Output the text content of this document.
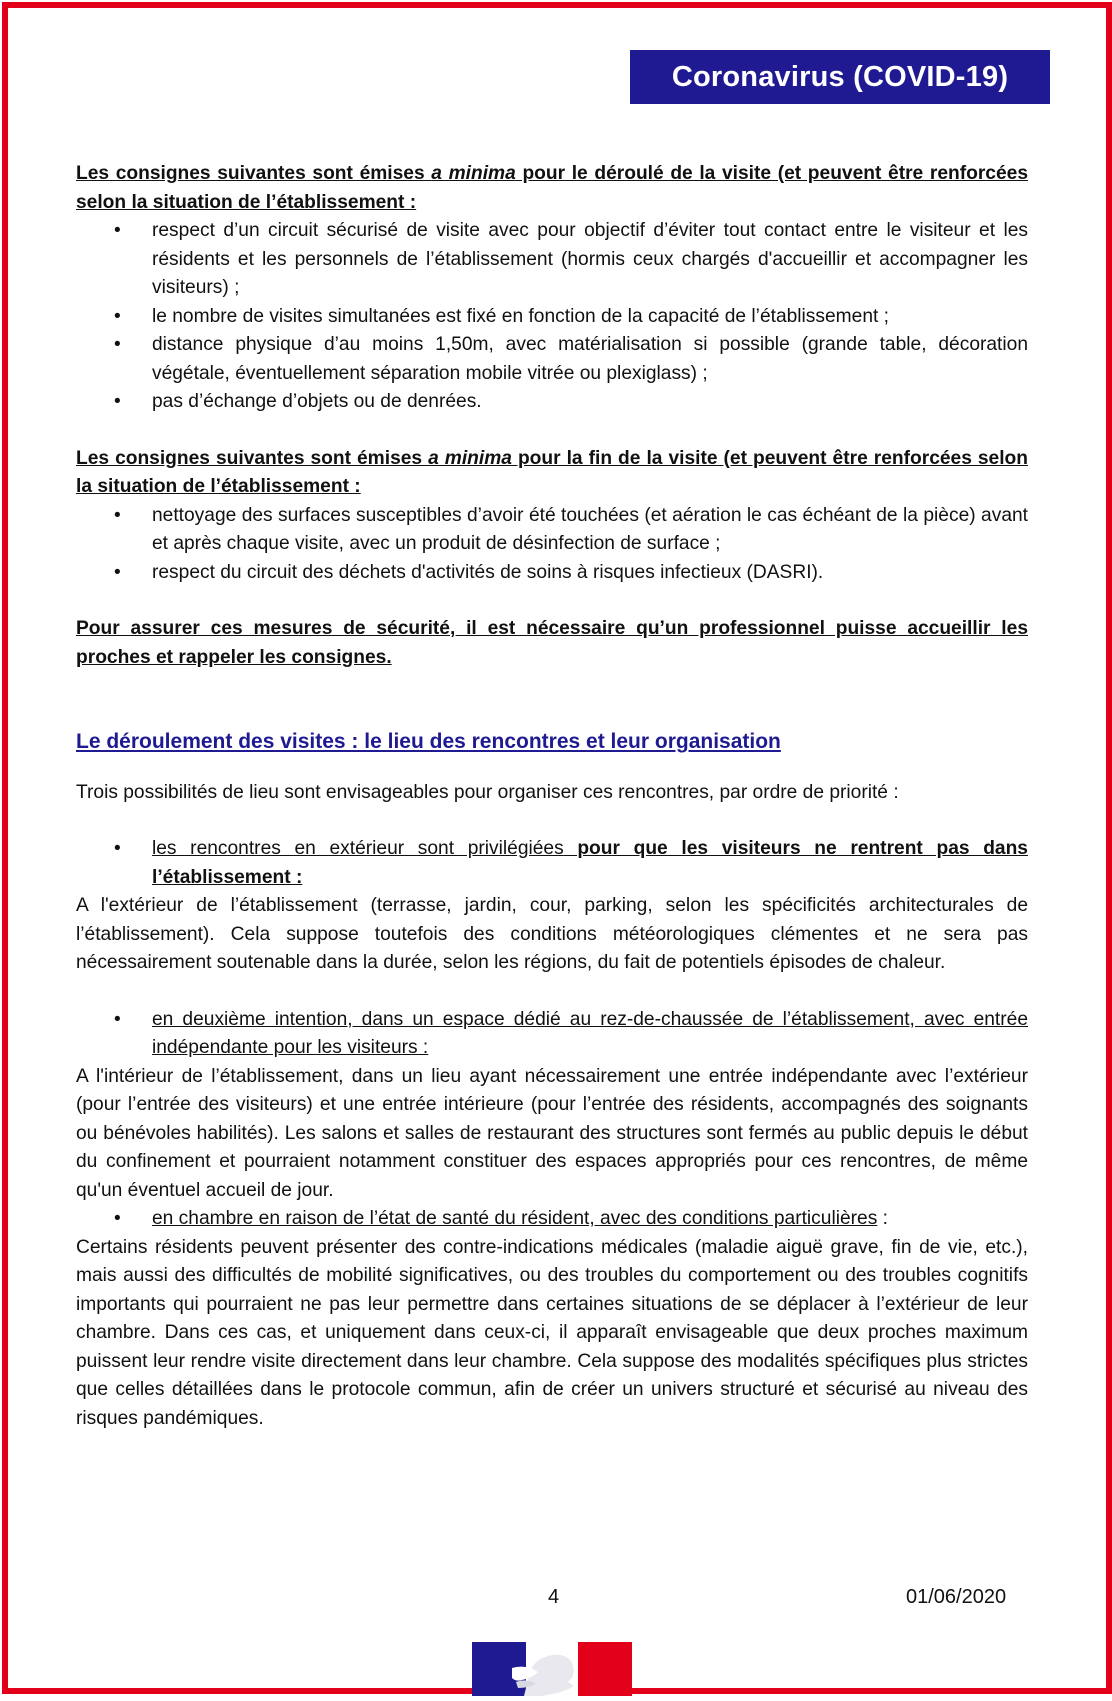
Coronavirus (COVID-19)

Les consignes suivantes sont émises a minima pour le déroulé de la visite (et peuvent être renforcées selon la situation de l’établissement :

• respect d’un circuit sécurisé de visite avec pour objectif d’éviter tout contact entre le visiteur et les résidents et les personnels de l’établissement (hormis ceux chargés d'accueillir et accompagner les visiteurs) ;
• le nombre de visites simultanées est fixé en fonction de la capacité de l’établissement ;
• distance physique d’au moins 1,50m, avec matérialisation si possible (grande table, décoration végétale, éventuellement séparation mobile vitrée ou plexiglass) ;
• pas d’échange d’objets ou de denrées.

Les consignes suivantes sont émises a minima pour la fin de la visite (et peuvent être renforcées selon la situation de l’établissement :

• nettoyage des surfaces susceptibles d’avoir été touchées (et aération le cas échéant de la pièce) avant et après chaque visite, avec un produit de désinfection de surface ;
• respect du circuit des déchets d'activités de soins à risques infectieux (DASRI).

Pour assurer ces mesures de sécurité, il est nécessaire qu’un professionnel puisse accueillir les proches et rappeler les consignes.

Le déroulement des visites : le lieu des rencontres et leur organisation

Trois possibilités de lieu sont envisageables pour organiser ces rencontres, par ordre de priorité :

• les rencontres en extérieur sont privilégiées pour que les visiteurs ne rentrent pas dans l’établissement :

A l'extérieur de l’établissement (terrasse, jardin, cour, parking, selon les spécificités architecturales de l’établissement). Cela suppose toutefois des conditions météorologiques clémentes et ne sera pas nécessairement soutenable dans la durée, selon les régions, du fait de potentiels épisodes de chaleur.

• en deuxième intention, dans un espace dédié au rez-de-chaussée de l’établissement, avec entrée indépendante pour les visiteurs :

A l'intérieur de l’établissement, dans un lieu ayant nécessairement une entrée indépendante avec l’extérieur (pour l’entrée des visiteurs) et une entrée intérieure (pour l’entrée des résidents, accompagnés des soignants ou bénévoles habilités). Les salons et salles de restaurant des structures sont fermés au public depuis le début du confinement et pourraient notamment constituer des espaces appropriés pour ces rencontres, de même qu'un éventuel accueil de jour.

• en chambre en raison de l’état de santé du résident, avec des conditions particulières :

Certains résidents peuvent présenter des contre-indications médicales (maladie aiguë grave, fin de vie, etc.), mais aussi des difficultés de mobilité significatives, ou des troubles du comportement ou des troubles cognitifs importants qui pourraient ne pas leur permettre dans certaines situations de se déplacer à l’extérieur de leur chambre. Dans ces cas, et uniquement dans ceux-ci, il apparaît envisageable que deux proches maximum puissent leur rendre visite directement dans leur chambre. Cela suppose des modalités spécifiques plus strictes que celles détaillées dans le protocole commun, afin de créer un univers structuré et sécurisé au niveau des risques pandémiques.

4	01/06/2020
